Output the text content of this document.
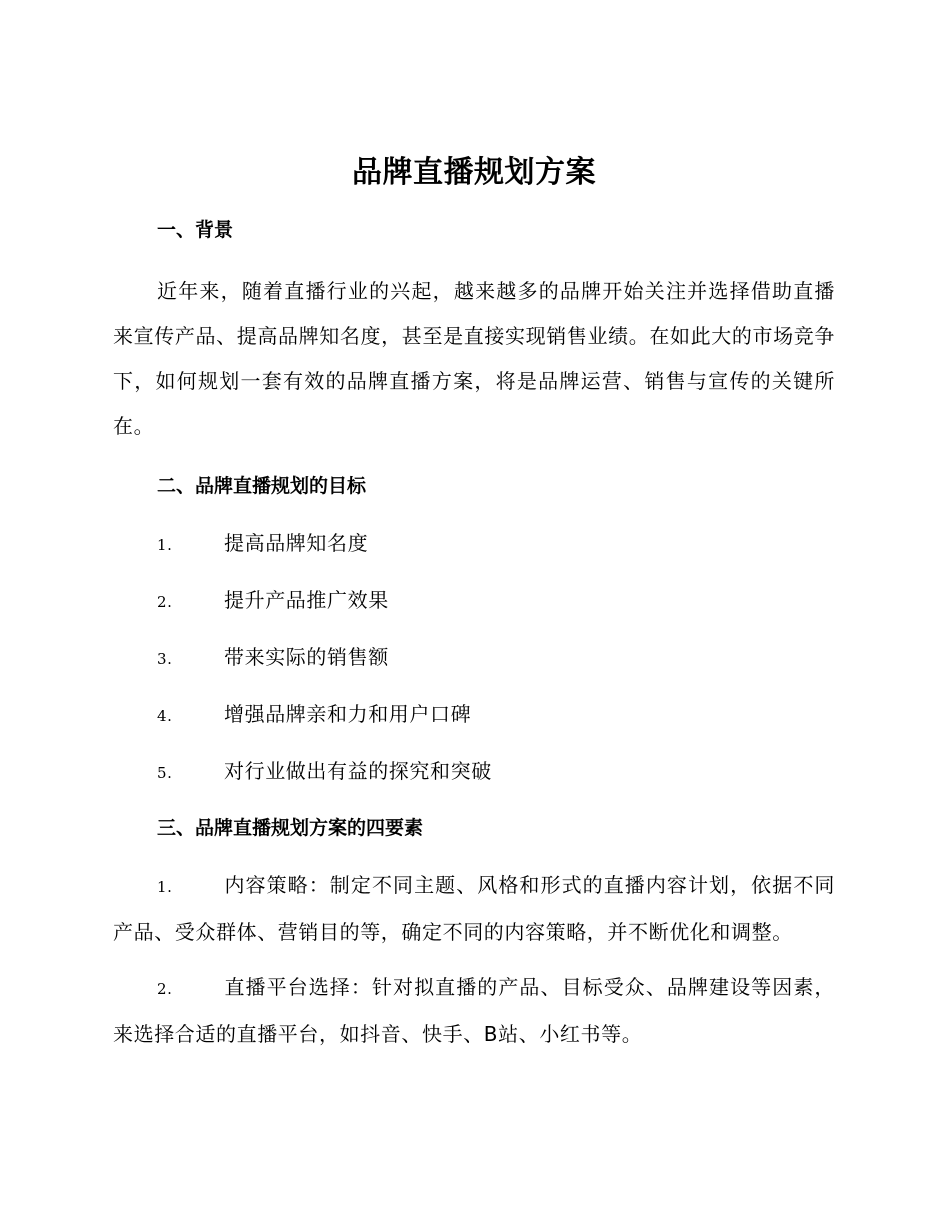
品牌直播规划方案
一、背景

近年来，随着直播行业的兴起，越来越多的品牌开始关注并选择借助直播来宣传产品、提高品牌知名度，甚至是直接实现销售业绩。在如此大的市场竞争下，如何规划一套有效的品牌直播方案，将是品牌运营、销售与宣传的关键所在。

二、品牌直播规划的目标
1.	提高品牌知名度
2.	提升产品推广效果
3.	带来实际的销售额
4.	增强品牌亲和力和用户口碑
5.	对行业做出有益的探究和突破
三、品牌直播规划方案的四要素

1.	内容策略：制定不同主题、风格和形式的直播内容计划，依据不同产品、受众群体、营销目的等，确定不同的内容策略，并不断优化和调整。

2.	直播平台选择：针对拟直播的产品、目标受众、品牌建设等因素，来选择合适的直播平台，如抖音、快手、B站、小红书等。
